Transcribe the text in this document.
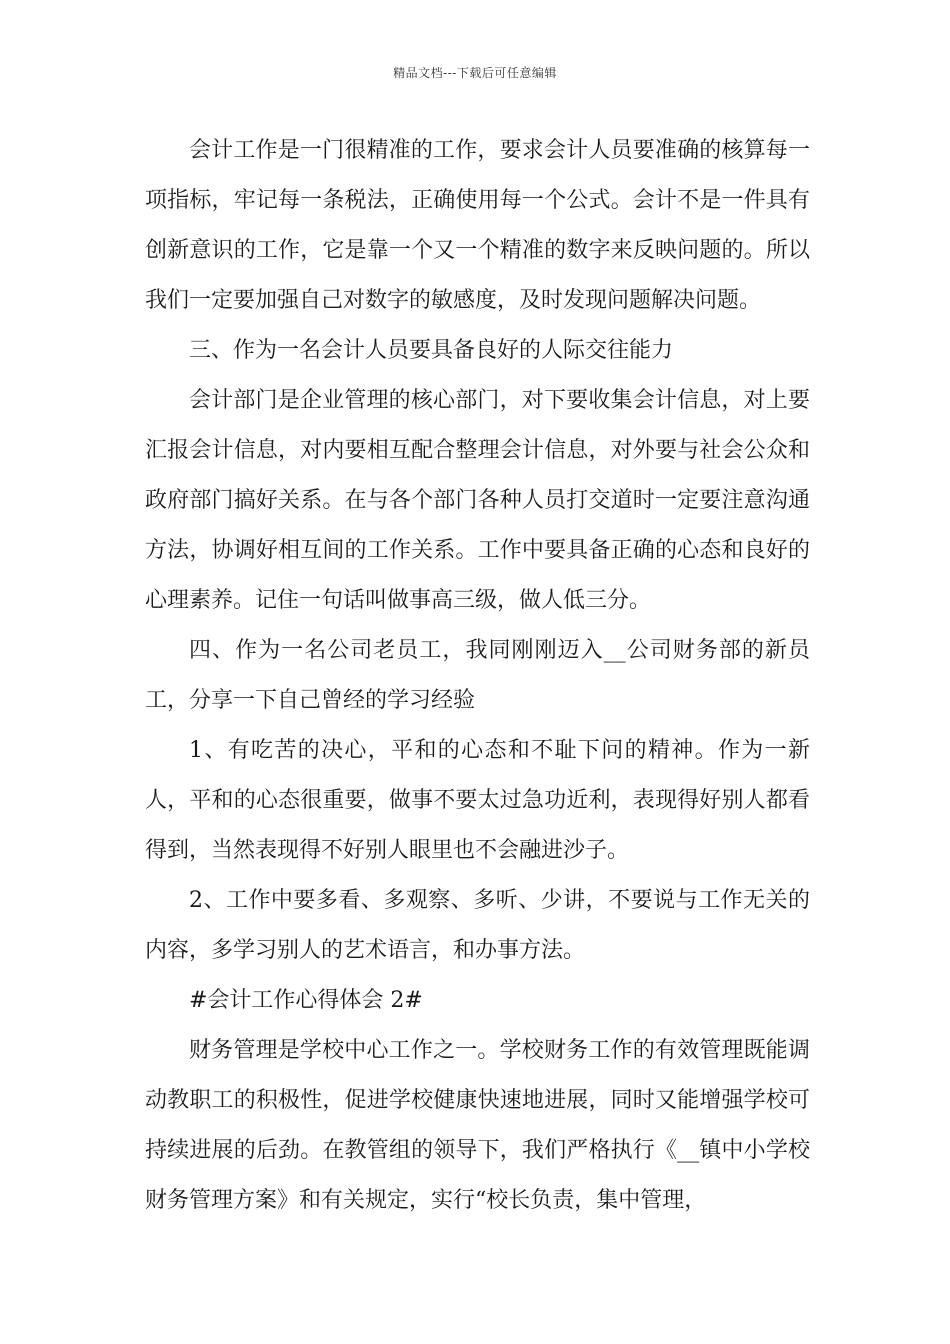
精品文档---下载后可任意编辑

会计工作是一门很精准的工作，要求会计人员要准确的核算每一项指标，牢记每一条税法，正确使用每一个公式。会计不是一件具有创新意识的工作，它是靠一个又一个精准的数字来反映问题的。所以我们一定要加强自己对数字的敏感度，及时发现问题解决问题。

三、作为一名会计人员要具备良好的人际交往能力

会计部门是企业管理的核心部门，对下要收集会计信息，对上要汇报会计信息，对内要相互配合整理会计信息，对外要与社会公众和政府部门搞好关系。在与各个部门各种人员打交道时一定要注意沟通方法，协调好相互间的工作关系。工作中要具备正确的心态和良好的心理素养。记住一句话叫做事高三级，做人低三分。

四、作为一名公司老员工，我同刚刚迈入__公司财务部的新员工，分享一下自己曾经的学习经验

1、有吃苦的决心，平和的心态和不耻下问的精神。作为一新人，平和的心态很重要，做事不要太过急功近利，表现得好别人都看得到，当然表现得不好别人眼里也不会融进沙子。

2、工作中要多看、多观察、多听、少讲，不要说与工作无关的内容，多学习别人的艺术语言，和办事方法。

#会计工作心得体会 2#

财务管理是学校中心工作之一。学校财务工作的有效管理既能调动教职工的积极性，促进学校健康快速地进展，同时又能增强学校可持续进展的后劲。在教管组的领导下，我们严格执行《__镇中小学校财务管理方案》和有关规定，实行“校长负责，集中管理，
